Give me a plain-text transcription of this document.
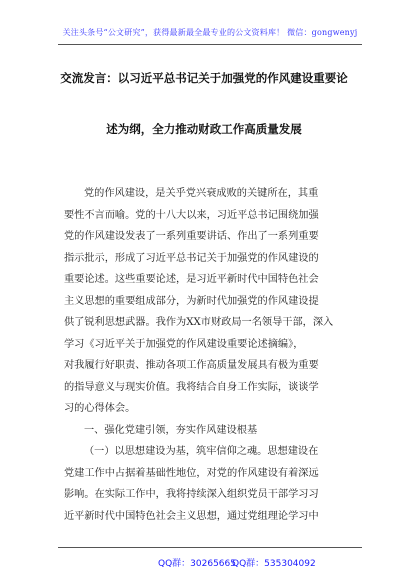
关注头条号“公文研究”，获得最新最全最专业的公文资料库！ 微信：gongwenyj
交流发言：以习近平总书记关于加强党的作风建设重要论
述为纲，全力推动财政工作高质量发展
党的作风建设，是关乎党兴衰成败的关键所在，其重
要性不言而喻。党的十八大以来，习近平总书记围绕加强
党的作风建设发表了一系列重要讲话、作出了一系列重要
指示批示，形成了习近平总书记关于加强党的作风建设的
重要论述。这些重要论述，是习近平新时代中国特色社会
主义思想的重要组成部分，为新时代加强党的作风建设提
供了锐利思想武器。我作为XX市财政局一名领导干部，深入
学习《习近平关于加强党的作风建设重要论述摘编》，
对我履行好职责、推动各项工作高质量发展具有极为重要
的指导意义与现实价值。我将结合自身工作实际，谈谈学
习的心得体会。
一、强化党建引领，夯实作风建设根基
（一）以思想建设为基，筑牢信仰之魂。思想建设在
党建工作中占据着基础性地位，对党的作风建设有着深远
影响。在实际工作中，我将持续深入组织党员干部学习习
近平新时代中国特色社会主义思想，通过党组理论学习中
QQ群：30265665
QQ群：535304092
